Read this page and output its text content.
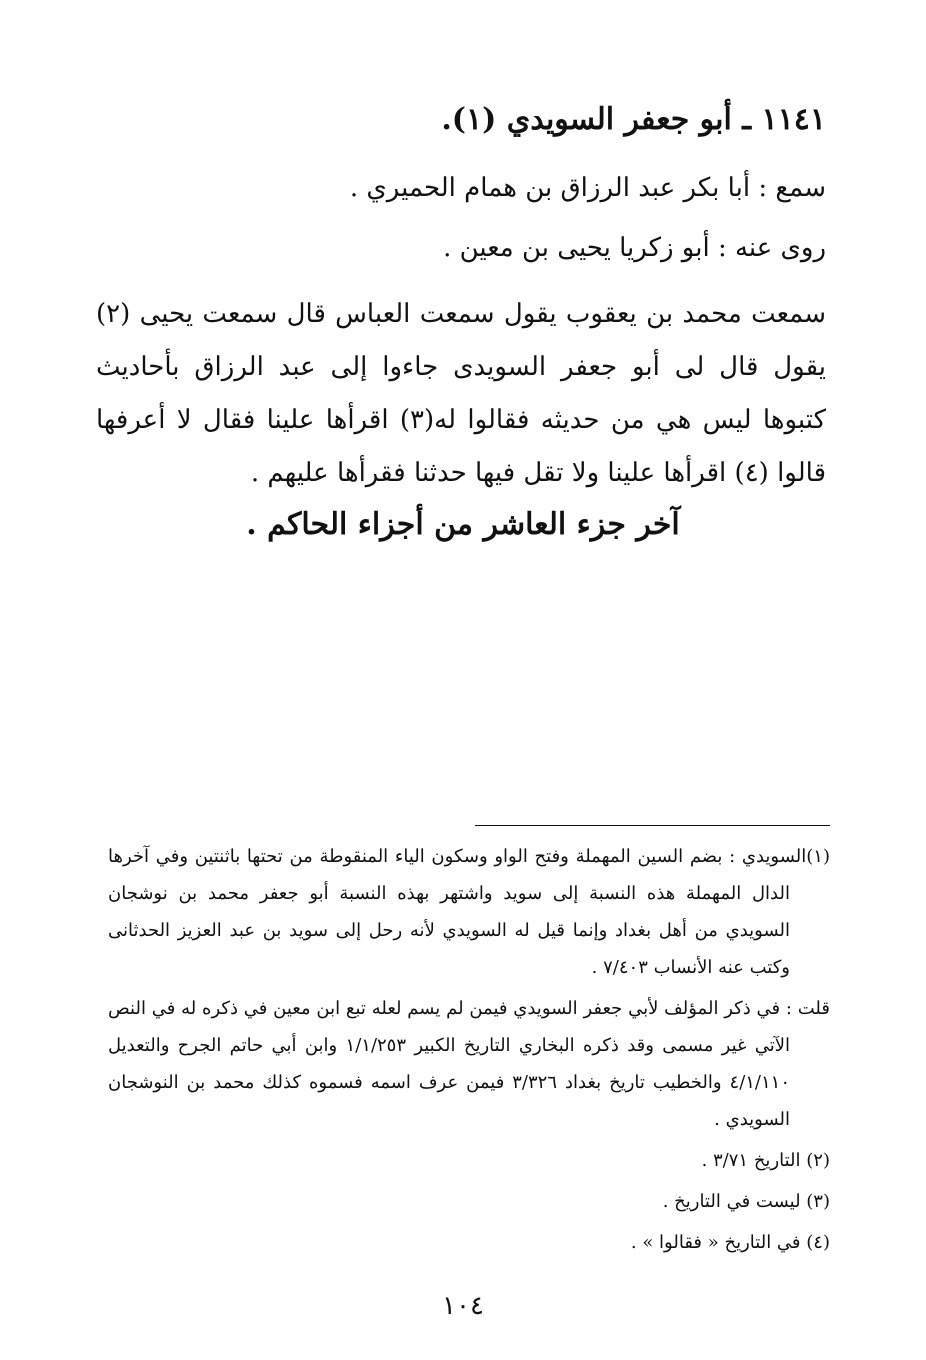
١١٤١ ـ أبو جعفر السويدي (١).
سمع : أبا بكر عبد الرزاق بن همام الحميري .
روى عنه : أبو زكريا يحيى بن معين .
سمعت محمد بن يعقوب يقول سمعت العباس قال سمعت يحيى (٢) يقول قال لى أبو جعفر السويدى جاءوا إلى عبد الرزاق بأحاديث كتبوها ليس هي من حديثه فقالوا له(٣) اقرأها علينا فقال لا أعرفها قالوا (٤) اقرأها علينا ولا تقل فيها حدثنا فقرأها عليهم .
آخر جزء العاشر من أجزاء الحاكم .
(١)السويدي : بضم السين المهملة وفتح الواو وسكون الياء المنقوطة من تحتها باثنتين وفي آخرها الدال المهملة هذه النسبة إلى سويد واشتهر بهذه النسبة أبو جعفر محمد بن نوشجان السويدي من أهل بغداد وإنما قيل له السويدي لأنه رحل إلى سويد بن عبد العزيز الحدثانى وكتب عنه الأنساب ٧/٤٠٣ .
قلت : في ذكر المؤلف لأبي جعفر السويدي فيمن لم يسم لعله تبع ابن معين في ذكره له في النص الآتي غير مسمى وقد ذكره البخاري التاريخ الكبير ١/١/٢٥٣ وابن أبي حاتم الجرح والتعديل ٤/١/١١٠ والخطيب تاريخ بغداد ٣/٣٢٦ فيمن عرف اسمه فسموه كذلك محمد بن النوشجان السويدي .
(٢) التاريخ ٣/٧١ .
(٣) ليست في التاريخ .
(٤) في التاريخ « فقالوا » .
١٠٤
